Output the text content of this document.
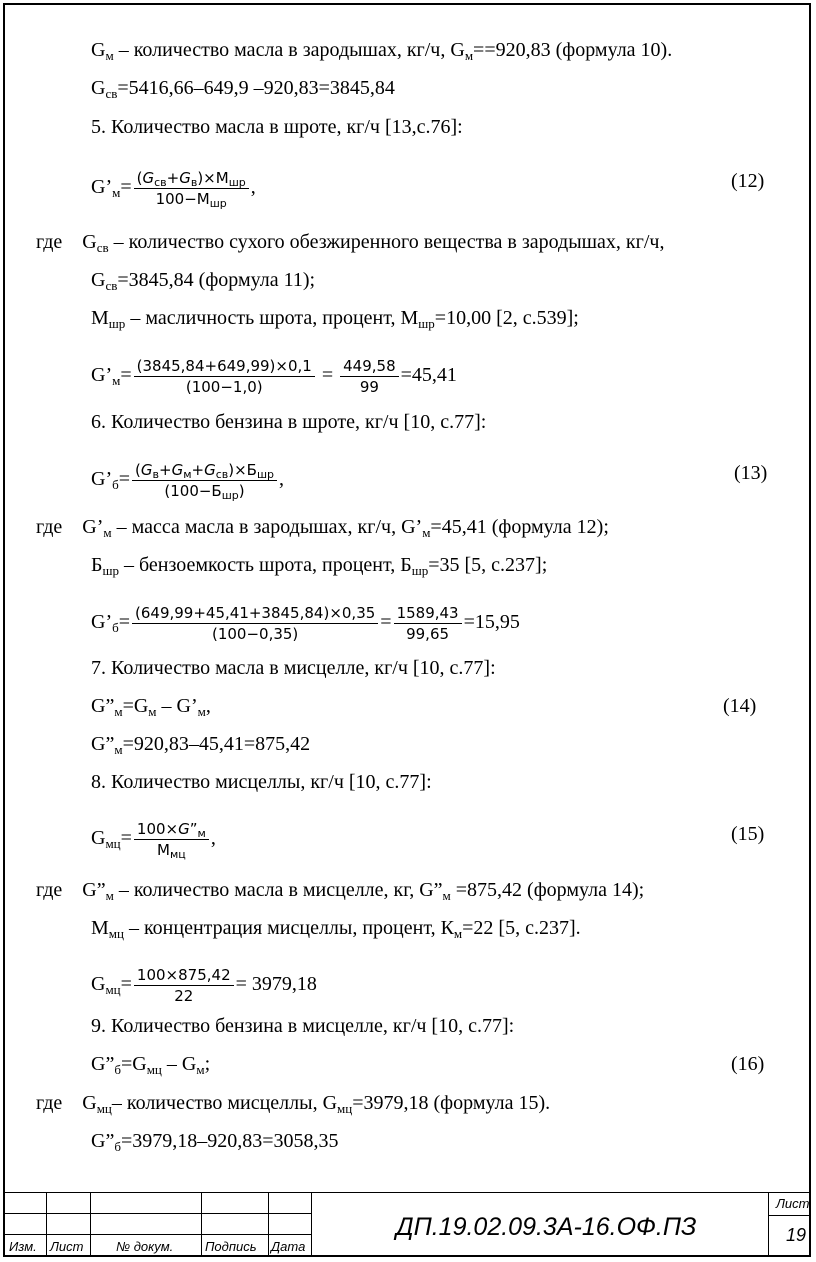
$G_м$ – количество масла в зародышах, кг/ч, $G_м==920,83$ (формула 10).
$G_{св}=5416,66-649,9$ –920,83=3845,84
5. Количество масла в шроте, кг/ч [13,с.76]:
$G’_м= \frac{(G_{св}+G_в)\times М_{шр}}{100-М_{шр}}$ ,	(12)
где    $G_{св}$ – количество сухого обезжиренного вещества в зародышах, кг/ч,
$G_{св}=3845,84$ (формула 11);
$М_{шр}$ – масличность шрота, процент, $М_{шр}=10,00$ [2, с.539];
$G’_м= \frac{(3845,84+649,99)\times 0,1}{(100-1,0)} = \frac{449,58}{99} =45,41$
6. Количество бензина в шроте, кг/ч [10, с.77]:
$G’_б= \frac{(G_в+G_м+G_{св})\times Б_{шр}}{(100-Б_{шр})}$ ,	(13)
где    $G’_м$ – масса масла в зародышах, кг/ч, $G’_м=45,41$ (формула 12);
$Б_{шр}$ – бензоемкость шрота, процент, $Б_{шр}=35$ [5, с.237];
$G’_б= \frac{(649,99+45,41+3845,84)\times 0,35}{(100-0,35)} = \frac{1589,43}{99,65} =15,95$
7. Количество масла в мисцелле, кг/ч [10, с.77]:
$G”_м=G_м$ – $G’_м$,	(14)
$G”_м=920,83-45,41=875,42$
8. Количество мисцеллы, кг/ч [10, с.77]:
$G_{мц}= \frac{100\times G”_м}{М_{мц}}$ ,	(15)
где    $G”_м$ – количество масла в мисцелле, кг, $G”_м =875,42$ (формула 14);
$М_{мц}$ – концентрация мисцеллы, процент, $К_м=22$ [5, с.237].
$G_{мц}= \frac{100\times 875,42}{22} = 3979,18$
9. Количество бензина в мисцелле, кг/ч [10, с.77]:
$G”_б=G_{мц} - G_м$;	(16)
где    $G_{мц}-$ количество мисцеллы, $G_{мц}=3979,18$ (формула 15).
$G”_б=3979,18-920,83=3058,35$
Изм. Лист	№ докум. Подпись Дата
ДП.19.02.09.3А-16.ОФ.ПЗ
Лист
19
